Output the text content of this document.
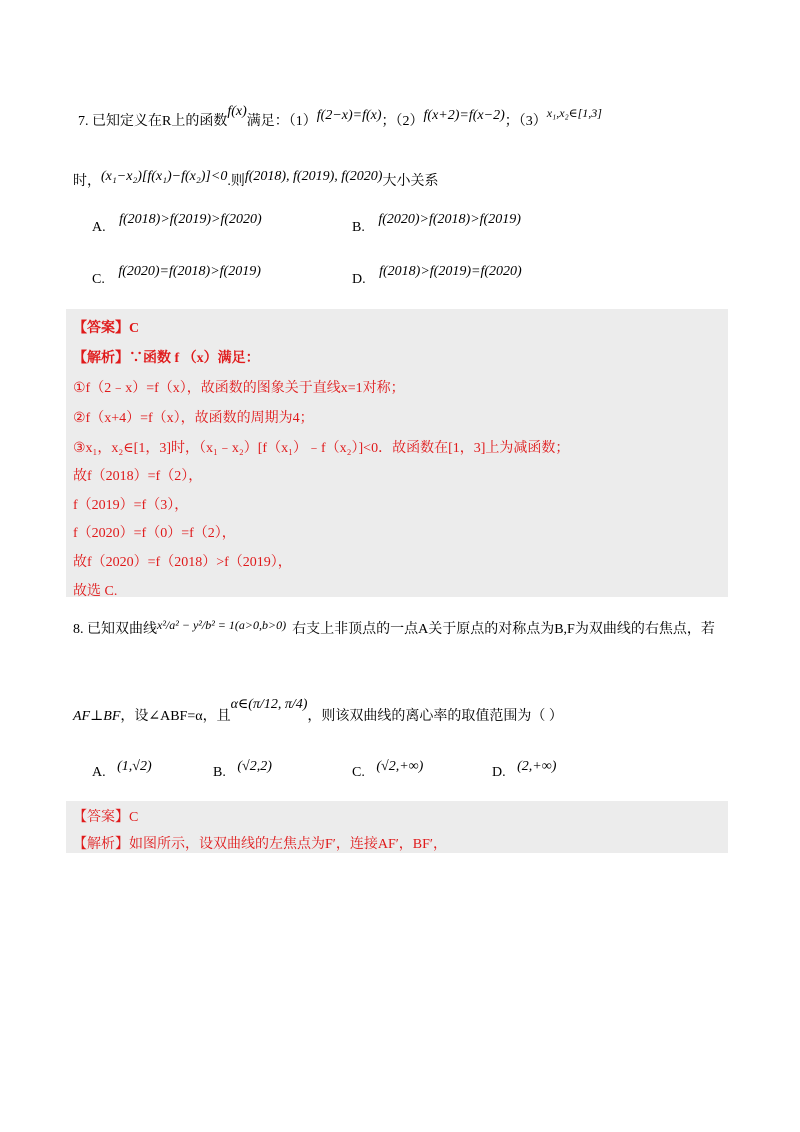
7. 已知定义在R上的函数f(x)满足：（1）f(2−x)=f(x)；（2）f(x+2)=f(x−2)；（3）x₁,x₂∈[1,3]
时，(x₁−x₂)[f(x₁)−f(x₂)]<0.则f(2018), f(2019), f(2020)大小关系
A. f(2018)>f(2019)>f(2020)
B. f(2020)>f(2018)>f(2019)
C. f(2020)=f(2018)>f(2019)
D. f(2018)>f(2019)=f(2020)
【答案】C
【解析】∵函数 f （x）满足：
①f（2﹣x）=f（x），故函数的图象关于直线x=1对称；
②f（x+4）=f（x），故函数的周期为4；
③x₁，x₂∈[1，3]时，（x₁﹣x₂）[f（x₁）﹣f（x₂）]<0．故函数在[1，3]上为减函数；
故f（2018）=f（2），
f（2019）=f（3），
f（2020）=f（0）=f（2），
故f（2020）=f（2018）>f（2019），
故选 C.
8. 已知双曲线x²/a² − y²/b² = 1(a>0,b>0) 右支上非顶点的一点A关于原点的对称点为B,F为双曲线的右焦点，若
AF⊥BF，设∠ABF=α，且α∈(π/12, π/4)，则该双曲线的离心率的取值范围为（ ）
A. (1,√2)	B. (√2,2)	C. (√2,+∞)	D. (2,+∞)
【答案】C
【解析】如图所示，设双曲线的左焦点为F′，连接AF′，BF′，
